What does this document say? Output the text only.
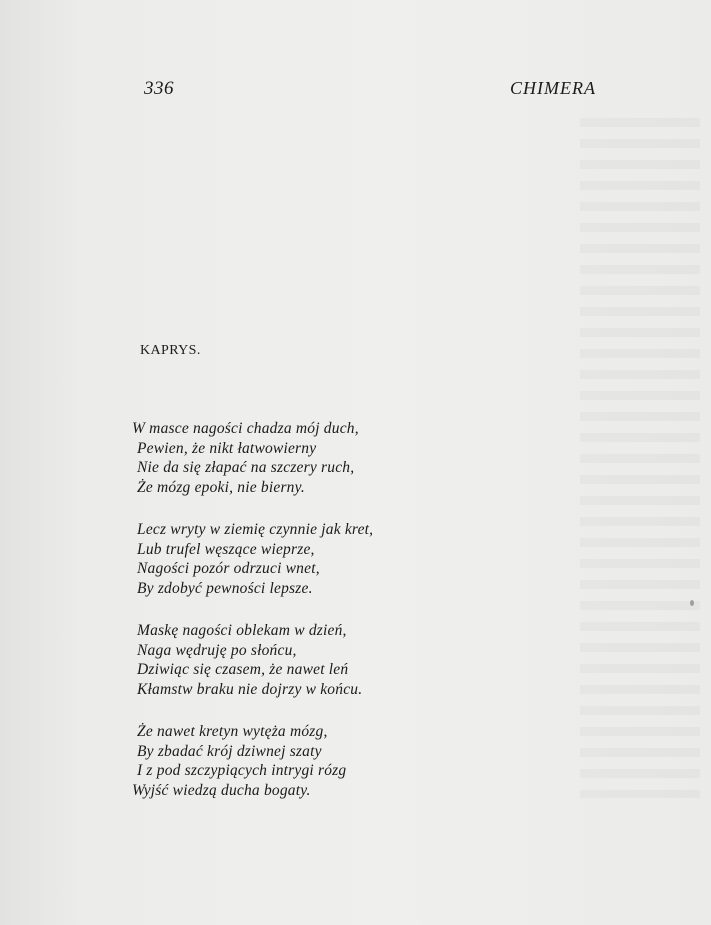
336	CHIMERA
KAPRYS.
W masce nagości chadza mój duch,
Pewien, że nikt łatwowierny
Nie da się złapać na szczery ruch,
Że mózg epoki, nie bierny.
Lecz wryty w ziemię czynnie jak kret,
Lub trufel węszące wieprze,
Nagości pozór odrzuci wnet,
By zdobyć pewności lepsze.
Maskę nagości oblekam w dzień,
Naga wędruję po słońcu,
Dziwiąc się czasem, że nawet leń
Kłamstw braku nie dojrzy w końcu.
Że nawet kretyn wytęża mózg,
By zbadać krój dziwnej szaty
I z pod szczypiących intrygi rózg
Wyjść wiedzą ducha bogaty.
